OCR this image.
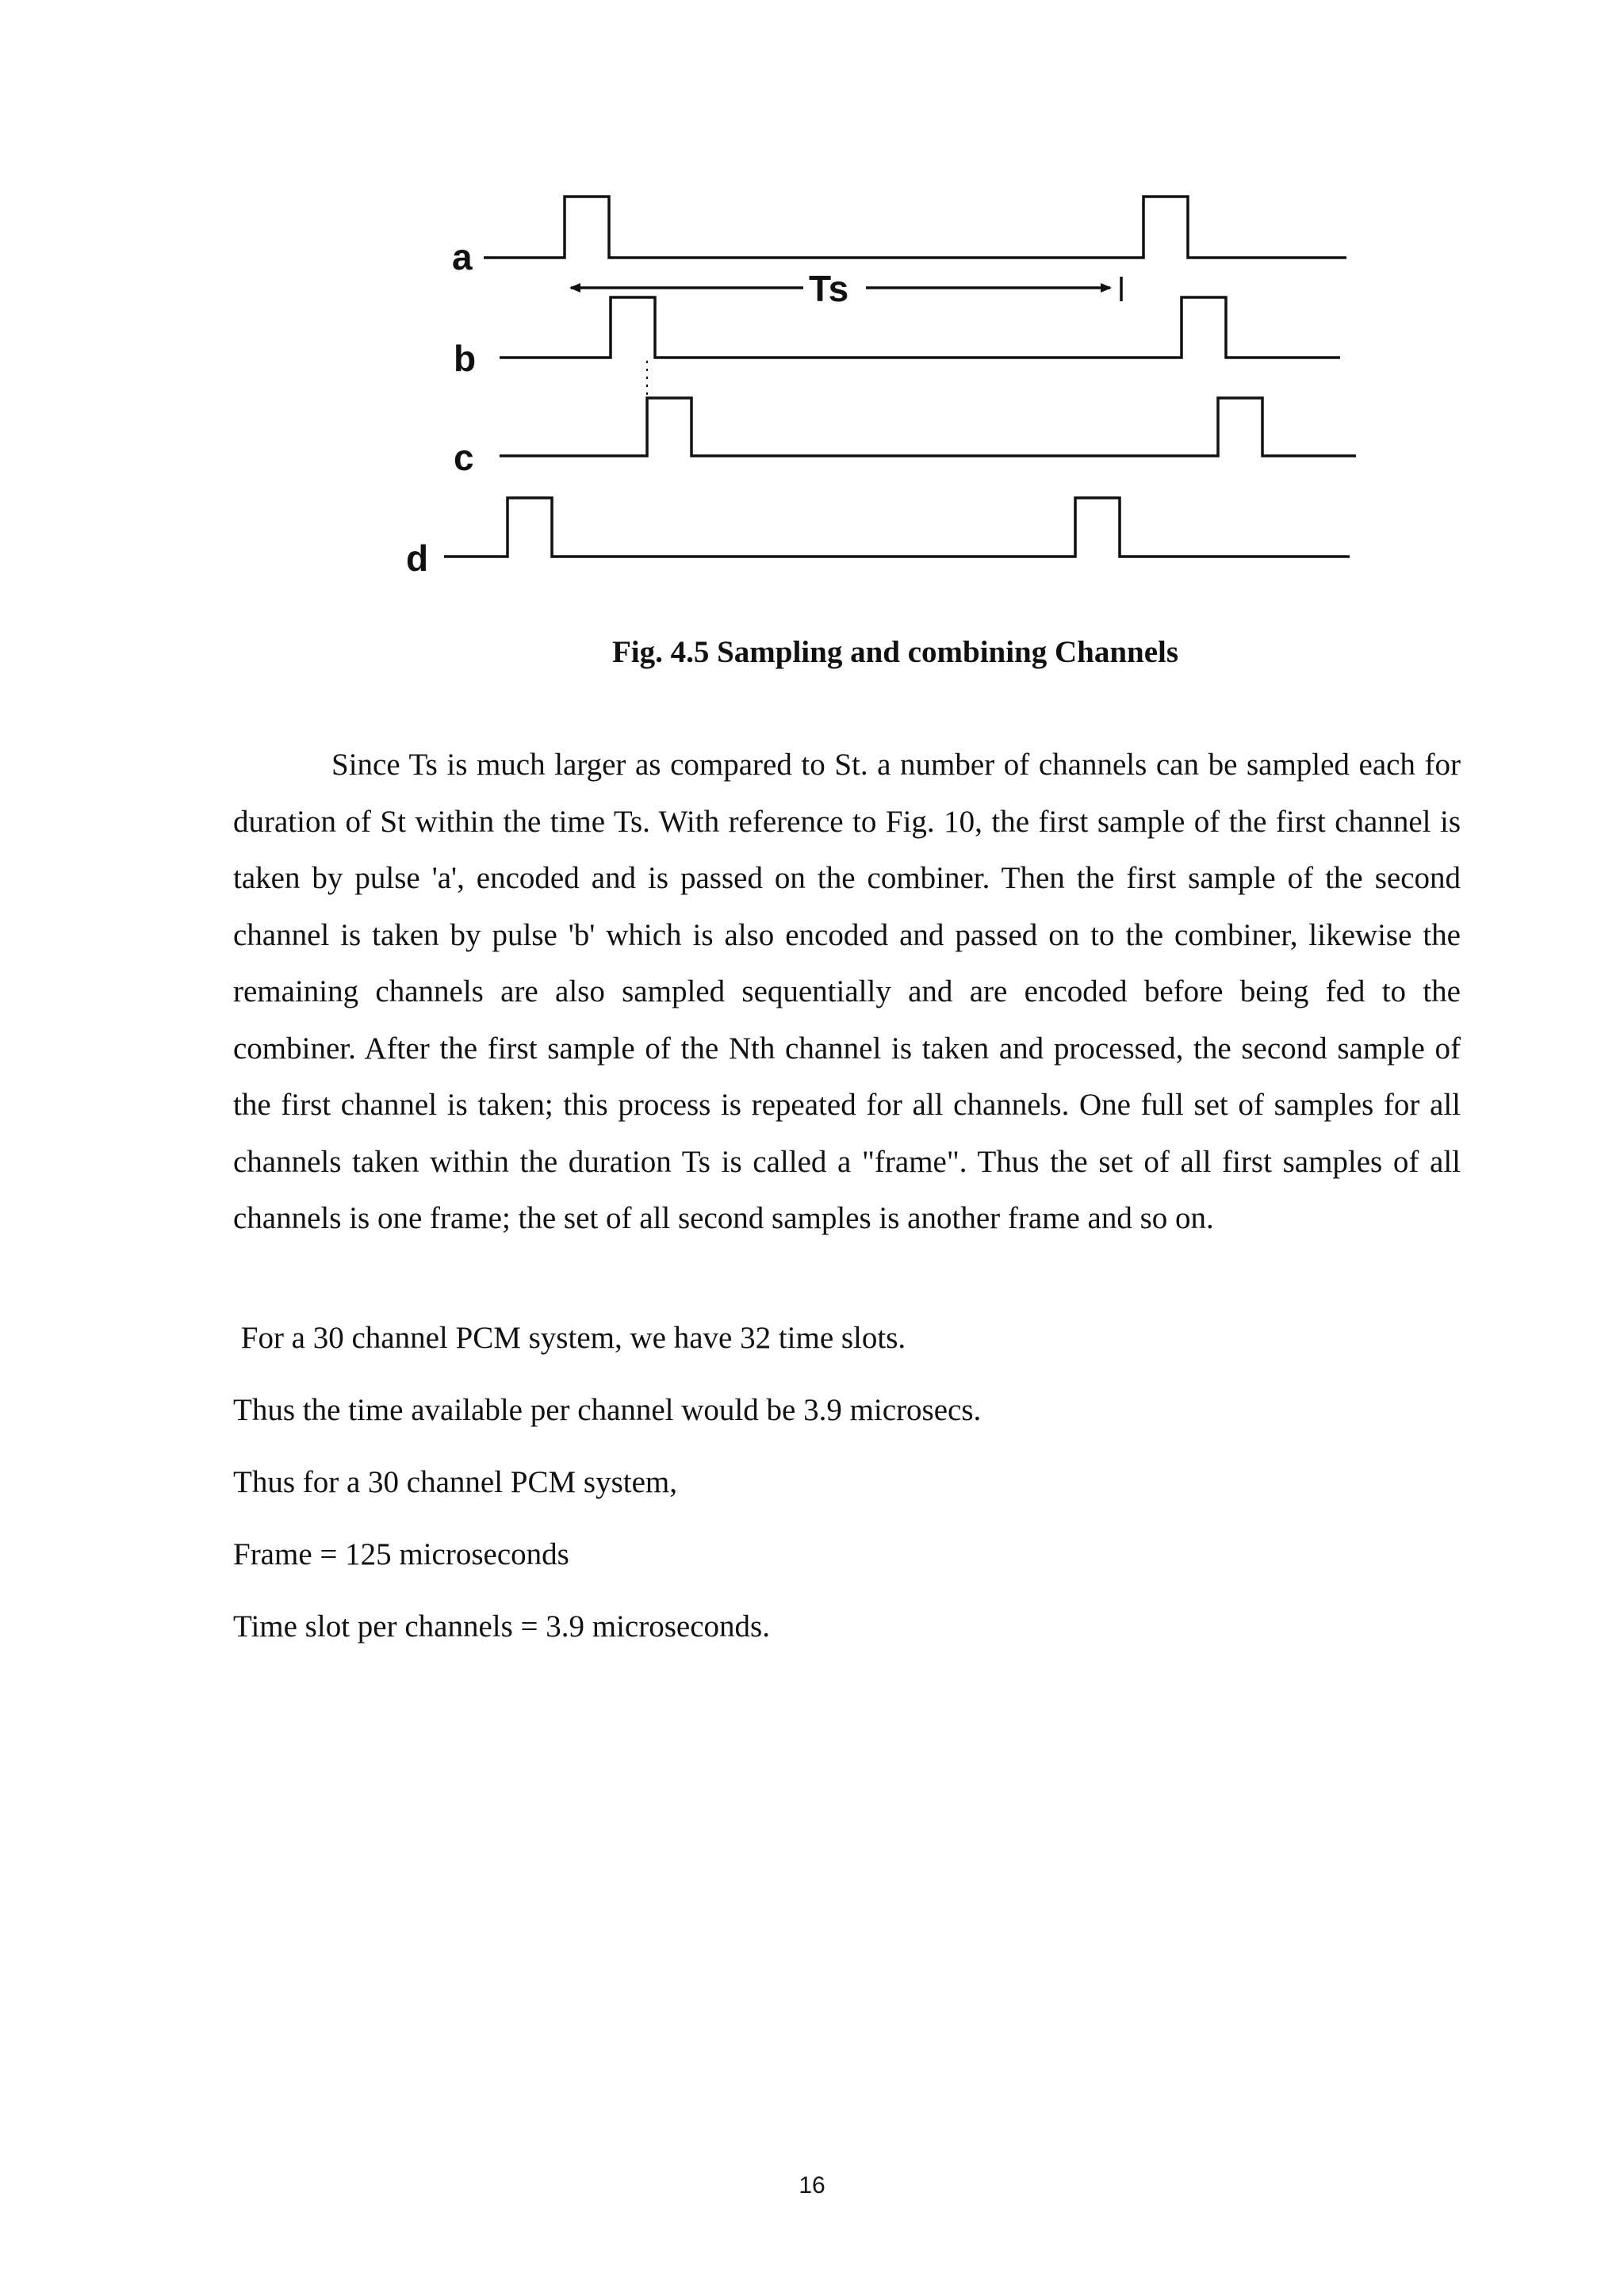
a
b
c
d
Ts
Fig. 4.5 Sampling and combining Channels

Since Ts is much larger as compared to St. a number of channels can be sampled each for duration of St within the time Ts. With reference to Fig. 10, the first sample of the first channel is taken by pulse 'a', encoded and is passed on the combiner. Then the first sample of the second channel is taken by pulse 'b' which is also encoded and passed on to the combiner, likewise the remaining channels are also sampled sequentially and are encoded before being fed to the combiner. After the first sample of the Nth channel is taken and processed, the second sample of the first channel is taken; this process is repeated for all channels. One full set of samples for all channels taken within the duration Ts is called a "frame". Thus the set of all first samples of all channels is one frame; the set of all second samples is another frame and so on.

For a 30 channel PCM system, we have 32 time slots.
Thus the time available per channel would be 3.9 microsecs.
Thus for a 30 channel PCM system,
Frame = 125 microseconds
Time slot per channels = 3.9 microseconds.
16
